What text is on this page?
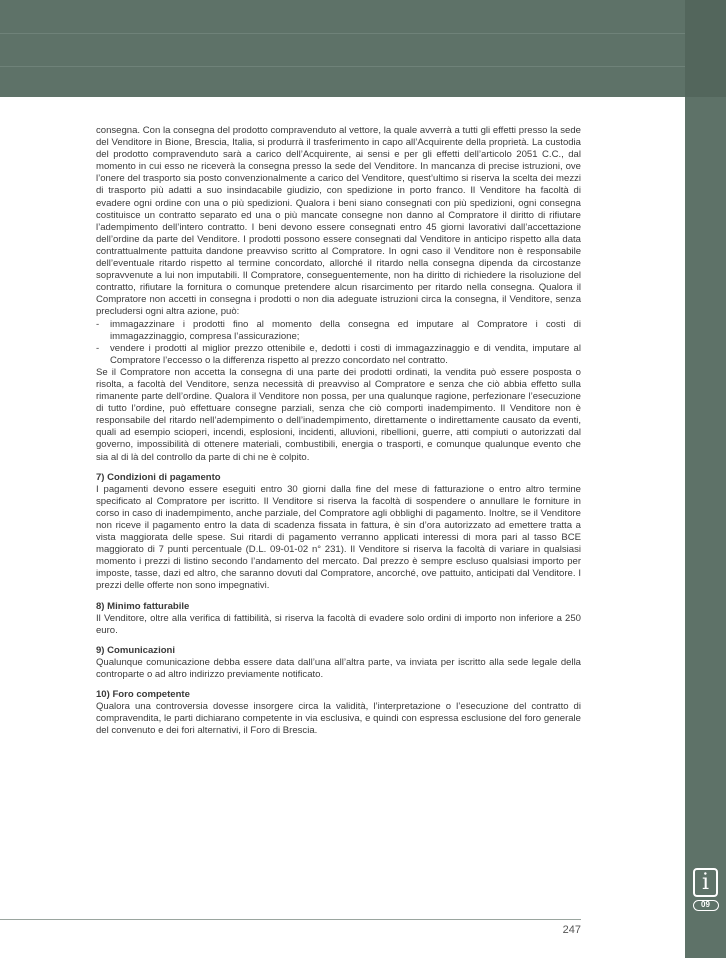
i
09

consegna. Con la consegna del prodotto compravenduto al vettore, la quale avverrà a tutti gli effetti presso la sede del Venditore in Bione, Brescia, Italia, si produrrà il trasferimento in capo all’Acquirente della proprietà. La custodia del prodotto compravenduto sarà a carico dell’Acquirente, ai sensi e per gli effetti dell’articolo 2051 C.C., dal momento in cui esso ne riceverà la consegna presso la sede del Venditore. In mancanza di precise istruzioni, ove l’onere del trasporto sia posto convenzionalmente a carico del Venditore, quest’ultimo si riserva la scelta dei mezzi di trasporto più adatti a suo insindacabile giudizio, con spedizione in porto franco. Il Venditore ha facoltà di evadere ogni ordine con una o più spedizioni. Qualora i beni siano consegnati con più spedizioni, ogni consegna costituisce un contratto separato ed una o più mancate consegne non danno al Compratore il diritto di rifiutare l’adempimento dell’intero contratto. I beni devono essere consegnati entro 45 giorni lavorativi dall’accettazione dell’ordine da parte del Venditore. I prodotti possono essere consegnati dal Venditore in anticipo rispetto alla data contrattualmente pattuita dandone preavviso scritto al Compratore. In ogni caso il Venditore non è responsabile dell’eventuale ritardo rispetto al termine concordato, allorché il ritardo nella consegna dipenda da circostanze sopravvenute a lui non imputabili. Il Compratore, conseguentemente, non ha diritto di richiedere la risoluzione del contratto, rifiutare la fornitura o comunque pretendere alcun risarcimento per ritardo nella consegna. Qualora il Compratore non accetti in consegna i prodotti o non dia adeguate istruzioni circa la consegna, il Venditore, senza precludersi ogni altra azione, può:

- immagazzinare i prodotti fino al momento della consegna ed imputare al Compratore i costi di immagazzinaggio, compresa l’assicurazione;
- vendere i prodotti al miglior prezzo ottenibile e, dedotti i costi di immagazzinaggio e di vendita, imputare al Compratore l’eccesso o la differenza rispetto al prezzo concordato nel contratto.

Se il Compratore non accetta la consegna di una parte dei prodotti ordinati, la vendita può essere posposta o risolta, a facoltà del Venditore, senza necessità di preavviso al Compratore e senza che ciò abbia effetto sulla rimanente parte dell’ordine. Qualora il Venditore non possa, per una qualunque ragione, perfezionare l’esecuzione di tutto l’ordine, può effettuare consegne parziali, senza che ciò comporti inadempimento. Il Venditore non è responsabile del ritardo nell’adempimento o dell’inadempimento, direttamente o indirettamente causato da eventi, quali ad esempio scioperi, incendi, esplosioni, incidenti, alluvioni, ribellioni, guerre, atti compiuti o autorizzati dal governo, impossibilità di ottenere materiali, combustibili, energia o trasporti, e comunque qualunque evento che sia al di là del controllo da parte di chi ne è colpito.

7) Condizioni di pagamento

I pagamenti devono essere eseguiti entro 30 giorni dalla fine del mese di fatturazione o entro altro termine specificato al Compratore per iscritto. Il Venditore si riserva la facoltà di sospendere o annullare le forniture in corso in caso di inadempimento, anche parziale, del Compratore agli obblighi di pagamento. Inoltre, se il Venditore non riceve il pagamento entro la data di scadenza fissata in fattura, è sin d’ora autorizzato ad emettere tratta a vista maggiorata delle spese. Sui ritardi di pagamento verranno applicati interessi di mora pari al tasso BCE maggiorato di 7 punti percentuale (D.L. 09-01-02 n° 231). Il Venditore si riserva la facoltà di variare in qualsiasi momento i prezzi di listino secondo l’andamento del mercato. Dal prezzo è sempre escluso qualsiasi importo per imposte, tasse, dazi ed altro, che saranno dovuti dal Compratore, ancorché, ove pattuito, anticipati dal Venditore. I prezzi delle offerte non sono impegnativi.

8) Minimo fatturabile

Il Venditore, oltre alla verifica di fattibilità, si riserva la facoltà di evadere solo ordini di importo non inferiore a 250 euro.

9) Comunicazioni

Qualunque comunicazione debba essere data dall’una all’altra parte, va inviata per iscritto alla sede legale della controparte o ad altro indirizzo previamente notificato.

10) Foro competente

Qualora una controversia dovesse insorgere circa la validità, l’interpretazione o l’esecuzione del contratto di compravendita, le parti dichiarano competente in via esclusiva, e quindi con espressa esclusione del foro generale del convenuto e dei fori alternativi, il Foro di Brescia.

247
